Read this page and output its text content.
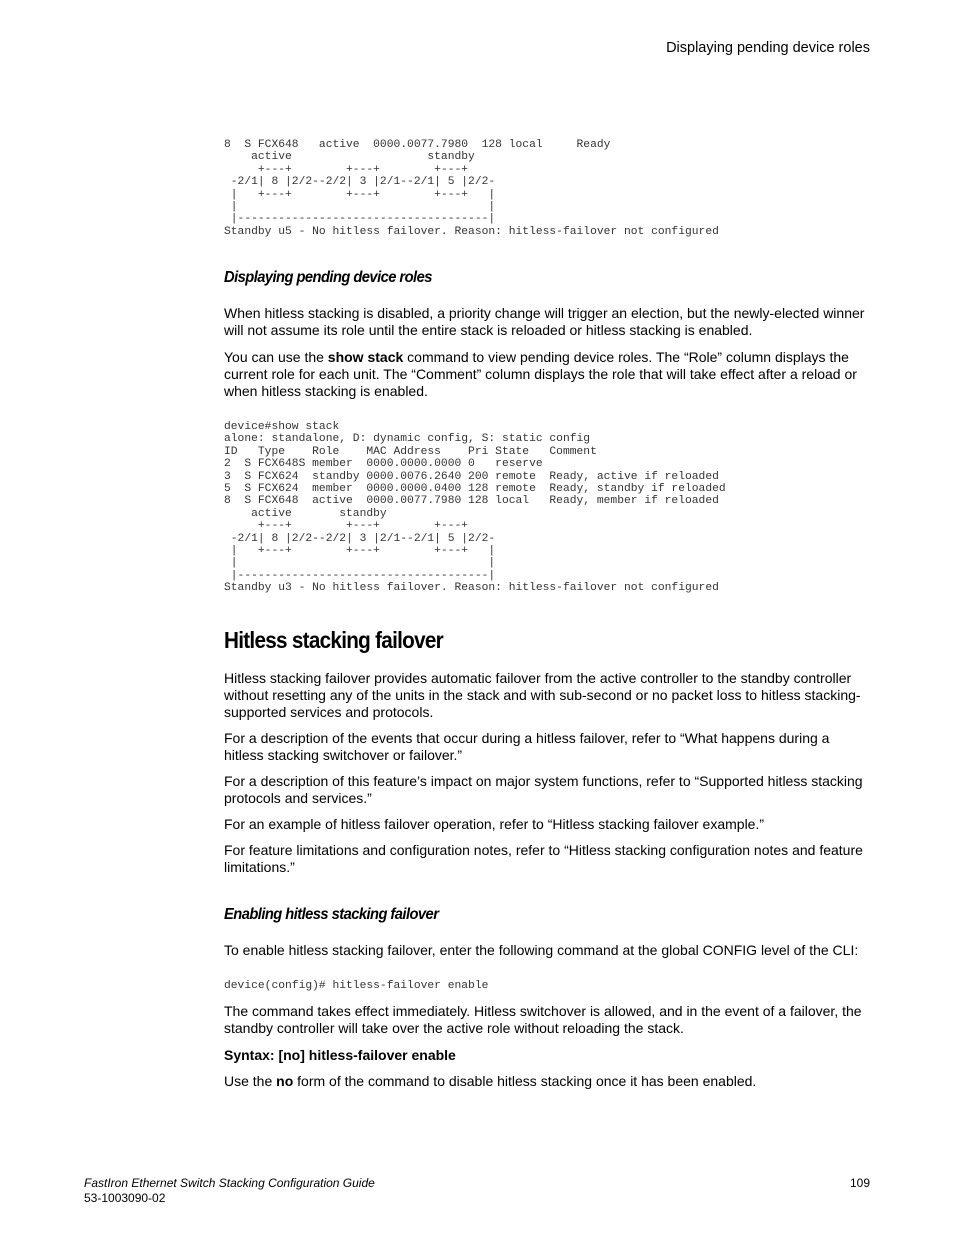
Displaying pending device roles
8  S FCX648   active  0000.0077.7980  128 local     Ready
active                    standby
+---+        +---+        +---+
-2/1| 8 |2/2--2/2| 3 |2/1--2/1| 5 |2/2-
|   +---+        +---+        +---+   |
|                                     |
|-------------------------------------|
Standby u5 - No hitless failover. Reason: hitless-failover not configured
Displaying pending device roles

When hitless stacking is disabled, a priority change will trigger an election, but the newly-elected winner will not assume its role until the entire stack is reloaded or hitless stacking is enabled.

You can use the show stack command to view pending device roles. The “Role” column displays the current role for each unit. The “Comment” column displays the role that will take effect after a reload or when hitless stacking is enabled.

device#show stack
alone: standalone, D: dynamic config, S: static config
ID   Type    Role    MAC Address    Pri State   Comment
2  S FCX648S member  0000.0000.0000 0   reserve
3  S FCX624  standby 0000.0076.2640 200 remote  Ready, active if reloaded
5  S FCX624  member  0000.0000.0400 128 remote  Ready, standby if reloaded
8  S FCX648  active  0000.0077.7980 128 local   Ready, member if reloaded
active       standby
+---+        +---+        +---+
-2/1| 8 |2/2--2/2| 3 |2/1--2/1| 5 |2/2-
|   +---+        +---+        +---+   |
|                                     |
|-------------------------------------|
Standby u3 - No hitless failover. Reason: hitless-failover not configured
Hitless stacking failover

Hitless stacking failover provides automatic failover from the active controller to the standby controller without resetting any of the units in the stack and with sub-second or no packet loss to hitless stacking-supported services and protocols.

For a description of the events that occur during a hitless failover, refer to “What happens during a hitless stacking switchover or failover.”

For a description of this feature’s impact on major system functions, refer to “Supported hitless stacking protocols and services.”

For an example of hitless failover operation, refer to “Hitless stacking failover example.”

For feature limitations and configuration notes, refer to “Hitless stacking configuration notes and feature limitations.”

Enabling hitless stacking failover

To enable hitless stacking failover, enter the following command at the global CONFIG level of the CLI:

device(config)# hitless-failover enable

The command takes effect immediately. Hitless switchover is allowed, and in the event of a failover, the standby controller will take over the active role without reloading the stack.

Syntax: [no] hitless-failover enable

Use the no form of the command to disable hitless stacking once it has been enabled.

FastIron Ethernet Switch Stacking Configuration Guide
53-1003090-02
109
